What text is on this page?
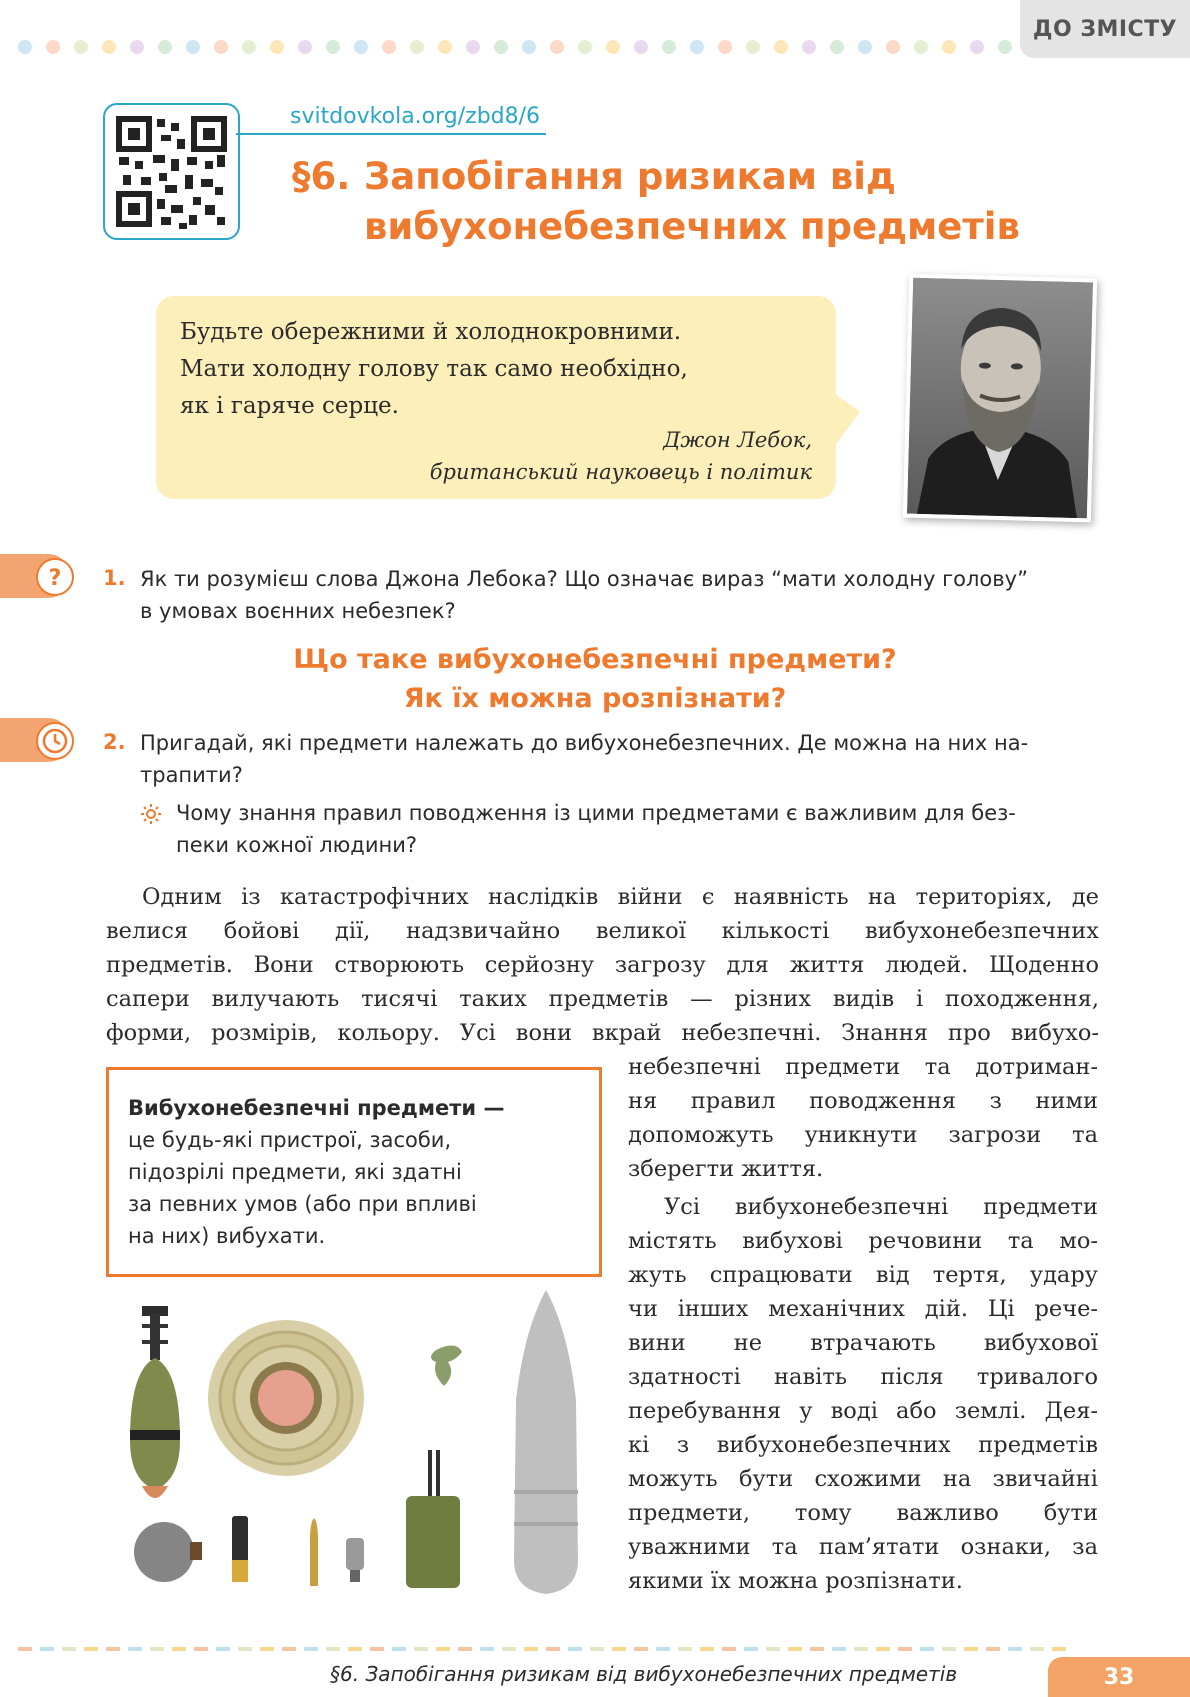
ДО ЗМІСТУ
svitdovkola.org/zbd8/6
§6. Запобігання ризикам від
вибухонебезпечних предметів
Будьте обережними й холоднокровними.
Мати холодну голову так само необхідно,
як і гаряче серце.
Джон Лебок,
британський науковець і політик
? 1. Як ти розумієш слова Джона Лебока? Що означає вираз “мати холодну голову”
в умовах воєнних небезпек?
Що таке вибухонебезпечні предмети?
Як їх можна розпізнати?
2. Пригадай, які предмети належать до вибухонебезпечних. Де можна на них на-
трапити?
Чому знання правил поводження із цими предметами є важливим для без-
пеки кожної людини?
Одним із катастрофічних наслідків війни є наявність на територіях, де
велися бойові дії, надзвичайно великої кількості вибухонебезпечних
предметів. Вони створюють серйозну загрозу для життя людей. Щоденно
сапери вилучають тисячі таких предметів — різних видів і походження,
форми, розмірів, кольору. Усі вони вкрай небезпечні. Знання про вибухо-
небезпечні предмети та дотриман-
ня правил поводження з ними
допоможуть уникнути загрози та
зберегти життя.
Усі вибухонебезпечні предмети
містять вибухові речовини та мо-
жуть спрацювати від тертя, удару
чи інших механічних дій. Ці рече-
вини не втрачають вибухової
здатності навіть після тривалого
перебування у воді або землі. Дея-
кі з вибухонебезпечних предметів
можуть бути схожими на звичайні
предмети, тому важливо бути
уважними та пам’ятати ознаки, за
якими їх можна розпізнати.
Вибухонебезпечні предмети —
це будь-які пристрої, засоби,
підозрілі предмети, які здатні
за певних умов (або при впливі
на них) вибухати.
§6. Запобігання ризикам від вибухонебезпечних предметів	33
